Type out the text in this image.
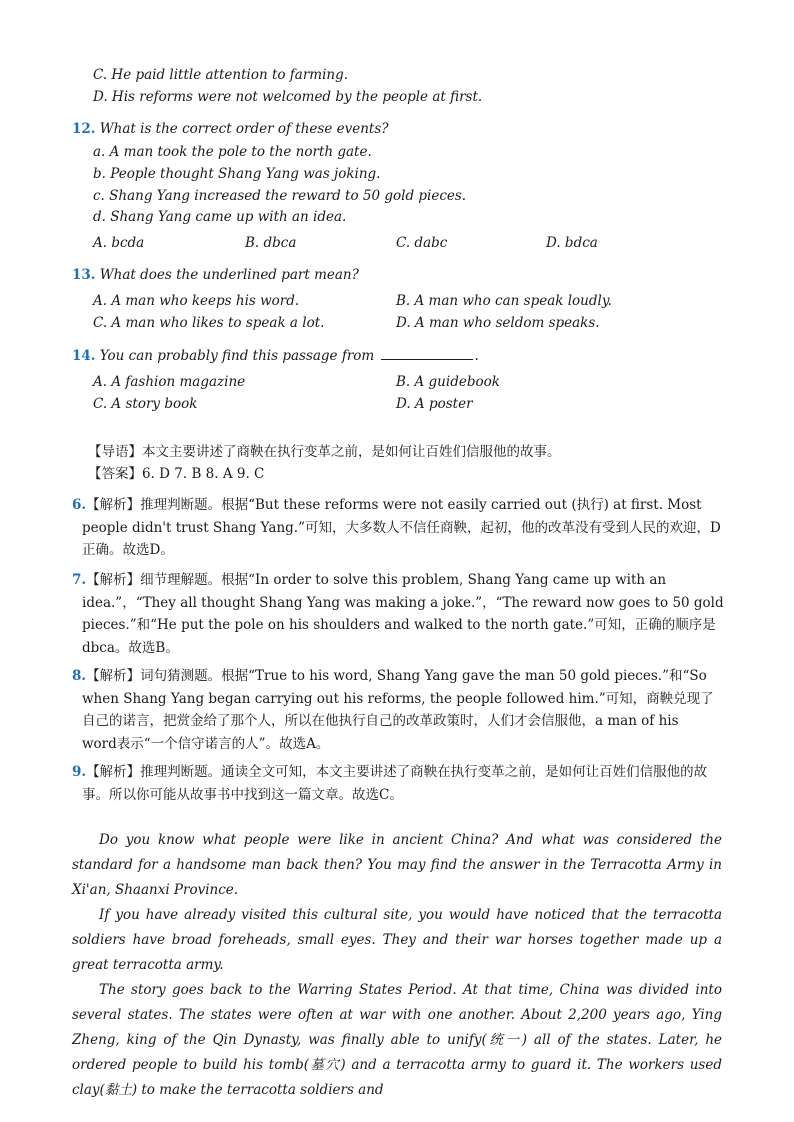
C. He paid little attention to farming.
D. His reforms were not welcomed by the people at first.
12. What is the correct order of these events?
a. A man took the pole to the north gate.
b. People thought Shang Yang was joking.
c. Shang Yang increased the reward to 50 gold pieces.
d. Shang Yang came up with an idea.
A. bcda	B. dbca	C. dabc	D. bdca
13. What does the underlined part mean?
A. A man who keeps his word.	B. A man who can speak loudly.
C. A man who likes to speak a lot.	D. A man who seldom speaks.
14. You can probably find this passage from	.
A. A fashion magazine	B. A guidebook
C. A story book	D. A poster
【导语】本文主要讲述了商鞅在执行变革之前，是如何让百姓们信服他的故事。
【答案】6. D 7. B 8. A 9. C
6.【解析】推理判断题。根据“But these reforms were not easily carried out (执行) at first. Most
people didn't trust Shang Yang.”可知，大多数人不信任商鞅，起初，他的改革没有受到人民的欢迎，D
正确。故选D。
7.【解析】细节理解题。根据“In order to solve this problem, Shang Yang came up with an
idea.”，“They all thought Shang Yang was making a joke.”，“The reward now goes to 50 gold
pieces.”和“He put the pole on his shoulders and walked to the north gate.”可知，正确的顺序是
dbca。故选B。
8.【解析】词句猜测题。根据“True to his word, Shang Yang gave the man 50 gold pieces.”和“So
when Shang Yang began carrying out his reforms, the people followed him.”可知，商鞅兑现了
自己的诺言，把赏金给了那个人，所以在他执行自己的改革政策时，人们才会信服他，a man of his
word表示“一个信守诺言的人”。故选A。
9.【解析】推理判断题。通读全文可知，本文主要讲述了商鞅在执行变革之前，是如何让百姓们信服他的故
事。所以你可能从故事书中找到这一篇文章。故选C。

Do you know what people were like in ancient China? And what was considered the standard for a handsome man back then? You may find the answer in the Terracotta Army in Xi'an, Shaanxi Province.

If you have already visited this cultural site, you would have noticed that the terracotta soldiers have broad foreheads, small eyes. They and their war horses together made up a great terracotta army.

The story goes back to the Warring States Period. At that time, China was divided into several states. The states were often at war with one another. About 2,200 years ago, Ying Zheng, king of the Qin Dynasty, was finally able to unify(统一) all of the states. Later, he ordered people to build his tomb(墓穴) and a terracotta army to guard it. The workers used clay(黏土) to make the terracotta soldiers and
